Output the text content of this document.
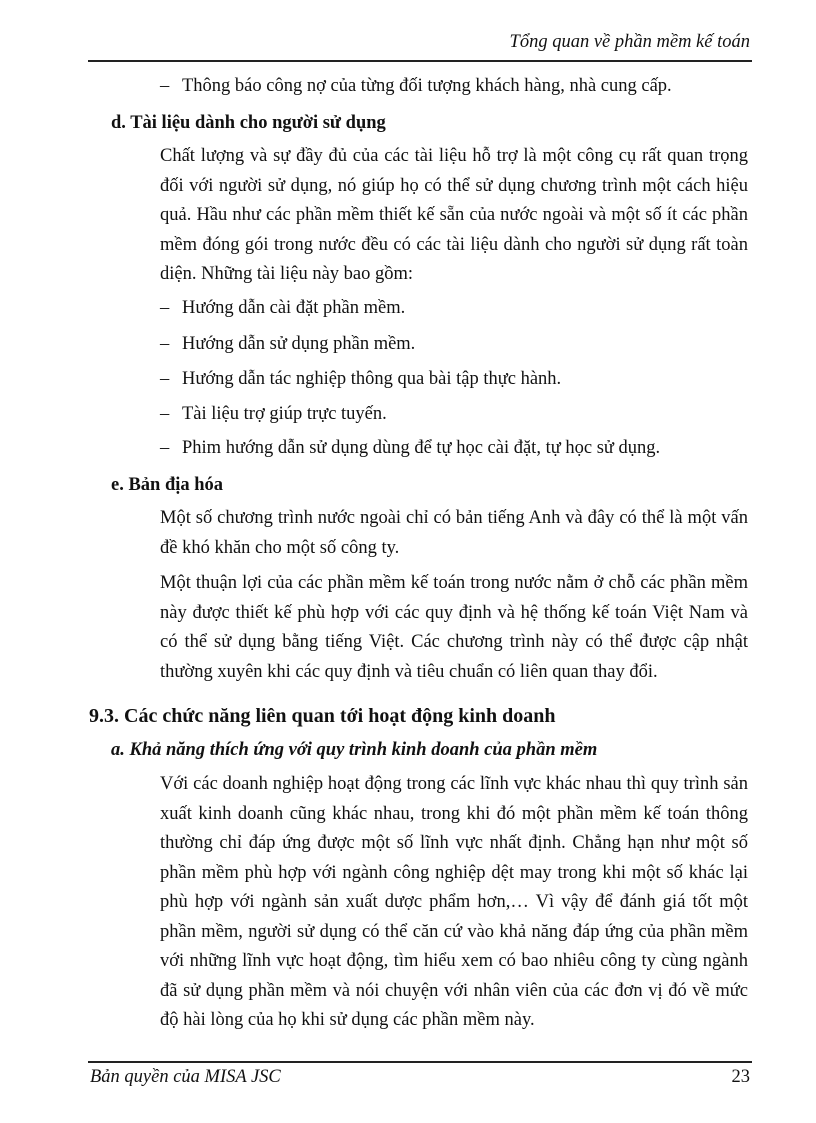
Tổng quan về phần mềm kế toán
– Thông báo công nợ của từng đối tượng khách hàng, nhà cung cấp.
d. Tài liệu dành cho người sử dụng
Chất lượng và sự đầy đủ của các tài liệu hỗ trợ là một công cụ rất quan trọng đối với người sử dụng, nó giúp họ có thể sử dụng chương trình một cách hiệu quả. Hầu như các phần mềm thiết kế sẵn của nước ngoài và một số ít các phần mềm đóng gói trong nước đều có các tài liệu dành cho người sử dụng rất toàn diện. Những tài liệu này bao gồm:
– Hướng dẫn cài đặt phần mềm.
– Hướng dẫn sử dụng phần mềm.
– Hướng dẫn tác nghiệp thông qua bài tập thực hành.
– Tài liệu trợ giúp trực tuyến.
– Phim hướng dẫn sử dụng dùng để tự học cài đặt, tự học sử dụng.
e. Bản địa hóa
Một số chương trình nước ngoài chỉ có bản tiếng Anh và đây có thể là một vấn đề khó khăn cho một số công ty.
Một thuận lợi của các phần mềm kế toán trong nước nằm ở chỗ các phần mềm này được thiết kế phù hợp với các quy định và hệ thống kế toán Việt Nam và có thể sử dụng bằng tiếng Việt. Các chương trình này có thể được cập nhật thường xuyên khi các quy định và tiêu chuẩn có liên quan thay đổi.
9.3. Các chức năng liên quan tới hoạt động kinh doanh
a. Khả năng thích ứng với quy trình kinh doanh của phần mềm
Với các doanh nghiệp hoạt động trong các lĩnh vực khác nhau thì quy trình sản xuất kinh doanh cũng khác nhau, trong khi đó một phần mềm kế toán thông thường chỉ đáp ứng được một số lĩnh vực nhất định. Chẳng hạn như một số phần mềm phù hợp với ngành công nghiệp dệt may trong khi một số khác lại phù hợp với ngành sản xuất dược phẩm hơn,… Vì vậy để đánh giá tốt một phần mềm, người sử dụng có thể căn cứ vào khả năng đáp ứng của phần mềm với những lĩnh vực hoạt động, tìm hiểu xem có bao nhiêu công ty cùng ngành đã sử dụng phần mềm và nói chuyện với nhân viên của các đơn vị đó về mức độ hài lòng của họ khi sử dụng các phần mềm này.
Bản quyền của MISA JSC	23
